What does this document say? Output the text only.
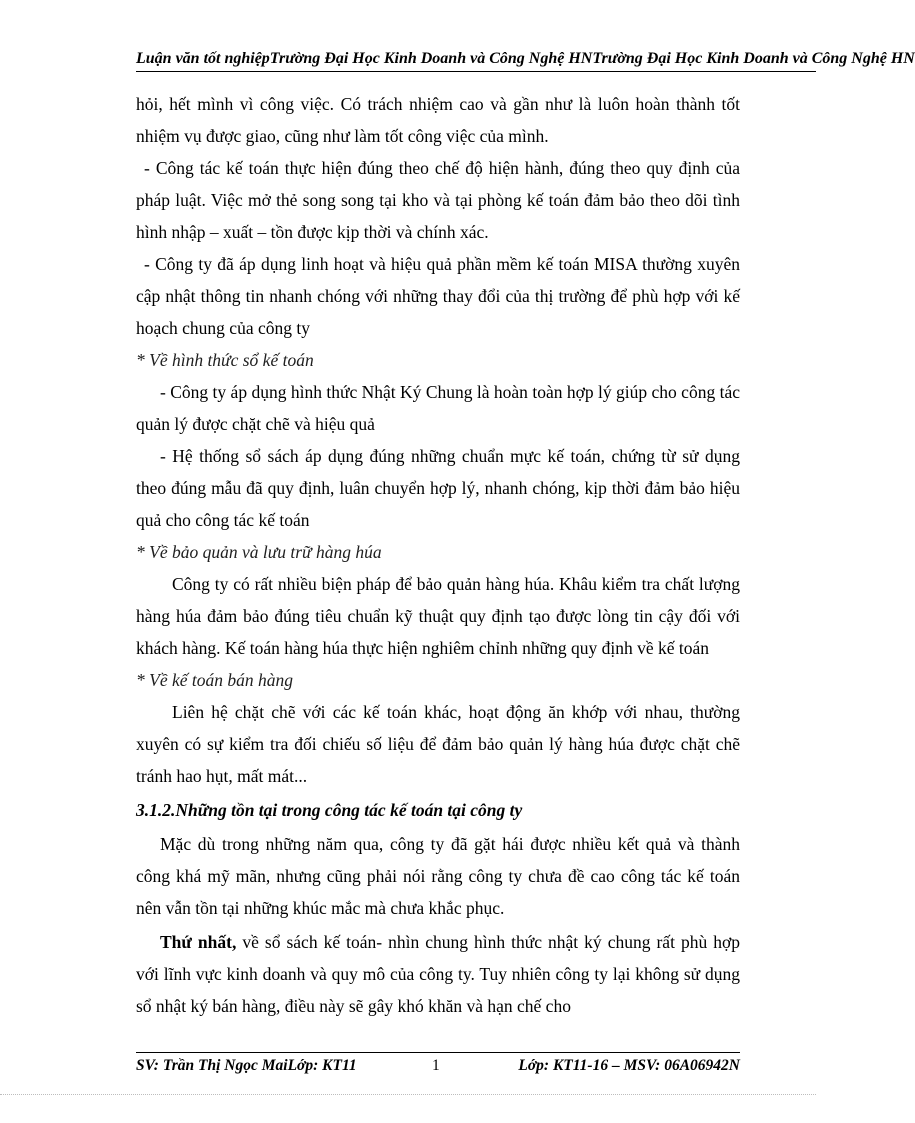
Luận văn tốt nghiệpTrường Đại Học Kinh Doanh và Công Nghệ HNTrường Đại Học Kinh Doanh và Công Nghệ HN

hỏi, hết mình vì công việc. Có trách nhiệm cao và gần như là luôn hoàn thành tốt nhiệm vụ được giao, cũng như làm tốt công việc của mình.

- Công tác kế toán thực hiện đúng theo chế độ hiện hành, đúng theo quy định của pháp luật. Việc mở thẻ song song tại kho và tại phòng kế toán đảm bảo theo dõi tình hình nhập – xuất – tồn được kịp thời và chính xác.

- Công ty đã áp dụng linh hoạt và hiệu quả phần mềm kế toán MISA thường xuyên cập nhật thông tin nhanh chóng với những thay đổi của thị trường để phù hợp với kế hoạch chung của công ty

* Về hình thức sổ kế toán

- Công ty áp dụng hình thức Nhật Ký Chung là hoàn toàn hợp lý giúp cho công tác quản lý được chặt chẽ và hiệu quả

- Hệ thống sổ sách áp dụng đúng những chuẩn mực kế toán, chứng từ sử dụng theo đúng mẫu đã quy định, luân chuyển hợp lý, nhanh chóng, kịp thời đảm bảo hiệu quả cho công tác kế toán

* Về bảo quản và lưu trữ hàng húa

Công ty có rất nhiều biện pháp để bảo quản hàng húa. Khâu kiểm tra chất lượng hàng húa đảm bảo đúng tiêu chuẩn kỹ thuật quy định tạo được lòng tin cậy đối với khách hàng. Kế toán hàng húa thực hiện nghiêm chỉnh những quy định về kế toán

* Về kế toán bán hàng

Liên hệ chặt chẽ với các kế toán khác, hoạt động ăn khớp với nhau, thường xuyên có sự kiểm tra đối chiếu số liệu để đảm bảo quản lý hàng húa được chặt chẽ tránh hao hụt, mất mát...

3.1.2.Những tồn tại trong công tác kế toán tại công ty

Mặc dù trong những năm qua, công ty đã gặt hái được nhiều kết quả và thành công khá mỹ mãn, nhưng cũng phải nói rằng công ty chưa đề cao công tác kế toán nên vẫn tồn tại những khúc mắc mà chưa khắc phục.

Thứ nhất, về sổ sách kế toán- nhìn chung hình thức nhật ký chung rất phù hợp với lĩnh vực kinh doanh và quy mô của công ty. Tuy nhiên công ty lại không sử dụng sổ nhật ký bán hàng, điều này sẽ gây khó khăn và hạn chế cho

SV: Trần Thị Ngọc MaiLớp: KT11	1	Lớp: KT11-16 – MSV: 06A06942N
